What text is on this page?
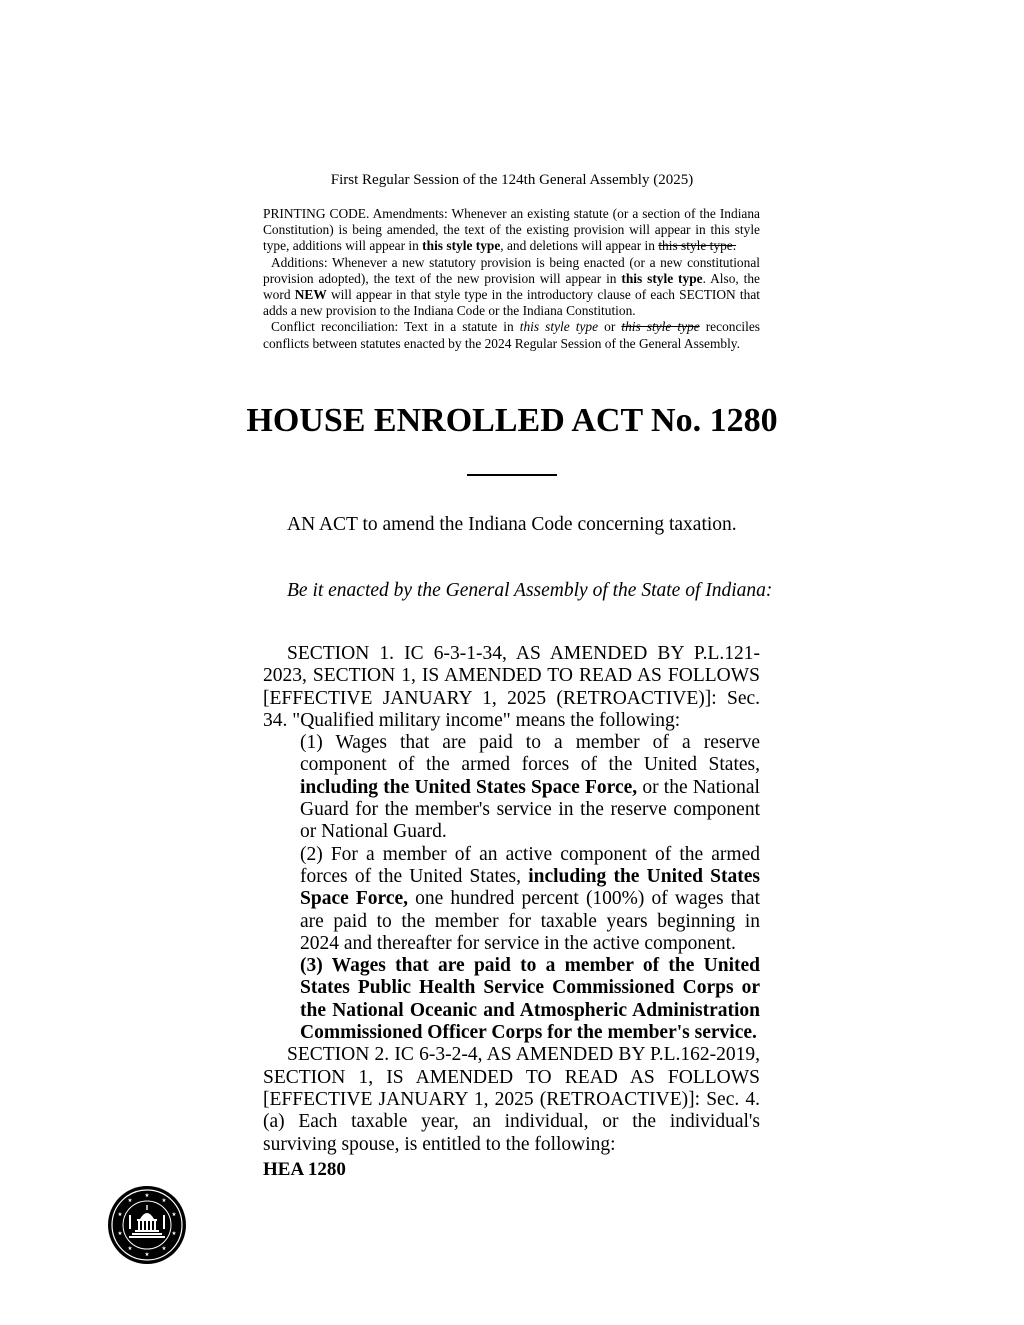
First Regular Session of the 124th General Assembly (2025)

PRINTING CODE. Amendments: Whenever an existing statute (or a section of the Indiana Constitution) is being amended, the text of the existing provision will appear in this style type, additions will appear in this style type, and deletions will appear in this style type.

Additions: Whenever a new statutory provision is being enacted (or a new constitutional provision adopted), the text of the new provision will appear in this style type. Also, the word NEW will appear in that style type in the introductory clause of each SECTION that adds a new provision to the Indiana Code or the Indiana Constitution.

Conflict reconciliation: Text in a statute in this style type or this style type reconciles conflicts between statutes enacted by the 2024 Regular Session of the General Assembly.

HOUSE ENROLLED ACT No. 1280
AN ACT to amend the Indiana Code concerning taxation.
Be it enacted by the General Assembly of the State of Indiana:

SECTION 1. IC 6-3-1-34, AS AMENDED BY P.L.121-2023, SECTION 1, IS AMENDED TO READ AS FOLLOWS [EFFECTIVE JANUARY 1, 2025 (RETROACTIVE)]: Sec. 34. "Qualified military income" means the following:

(1) Wages that are paid to a member of a reserve component of the armed forces of the United States, including the United States Space Force, or the National Guard for the member's service in the reserve component or National Guard.

(2) For a member of an active component of the armed forces of the United States, including the United States Space Force, one hundred percent (100%) of wages that are paid to the member for taxable years beginning in 2024 and thereafter for service in the active component.

(3) Wages that are paid to a member of the United States Public Health Service Commissioned Corps or the National Oceanic and Atmospheric Administration Commissioned Officer Corps for the member's service.

SECTION 2. IC 6-3-2-4, AS AMENDED BY P.L.162-2019, SECTION 1, IS AMENDED TO READ AS FOLLOWS [EFFECTIVE JANUARY 1, 2025 (RETROACTIVE)]: Sec. 4. (a) Each taxable year, an individual, or the individual's surviving spouse, is entitled to the following:

HEA 1280
★
★
★
★
★
★
★
★
★
★
